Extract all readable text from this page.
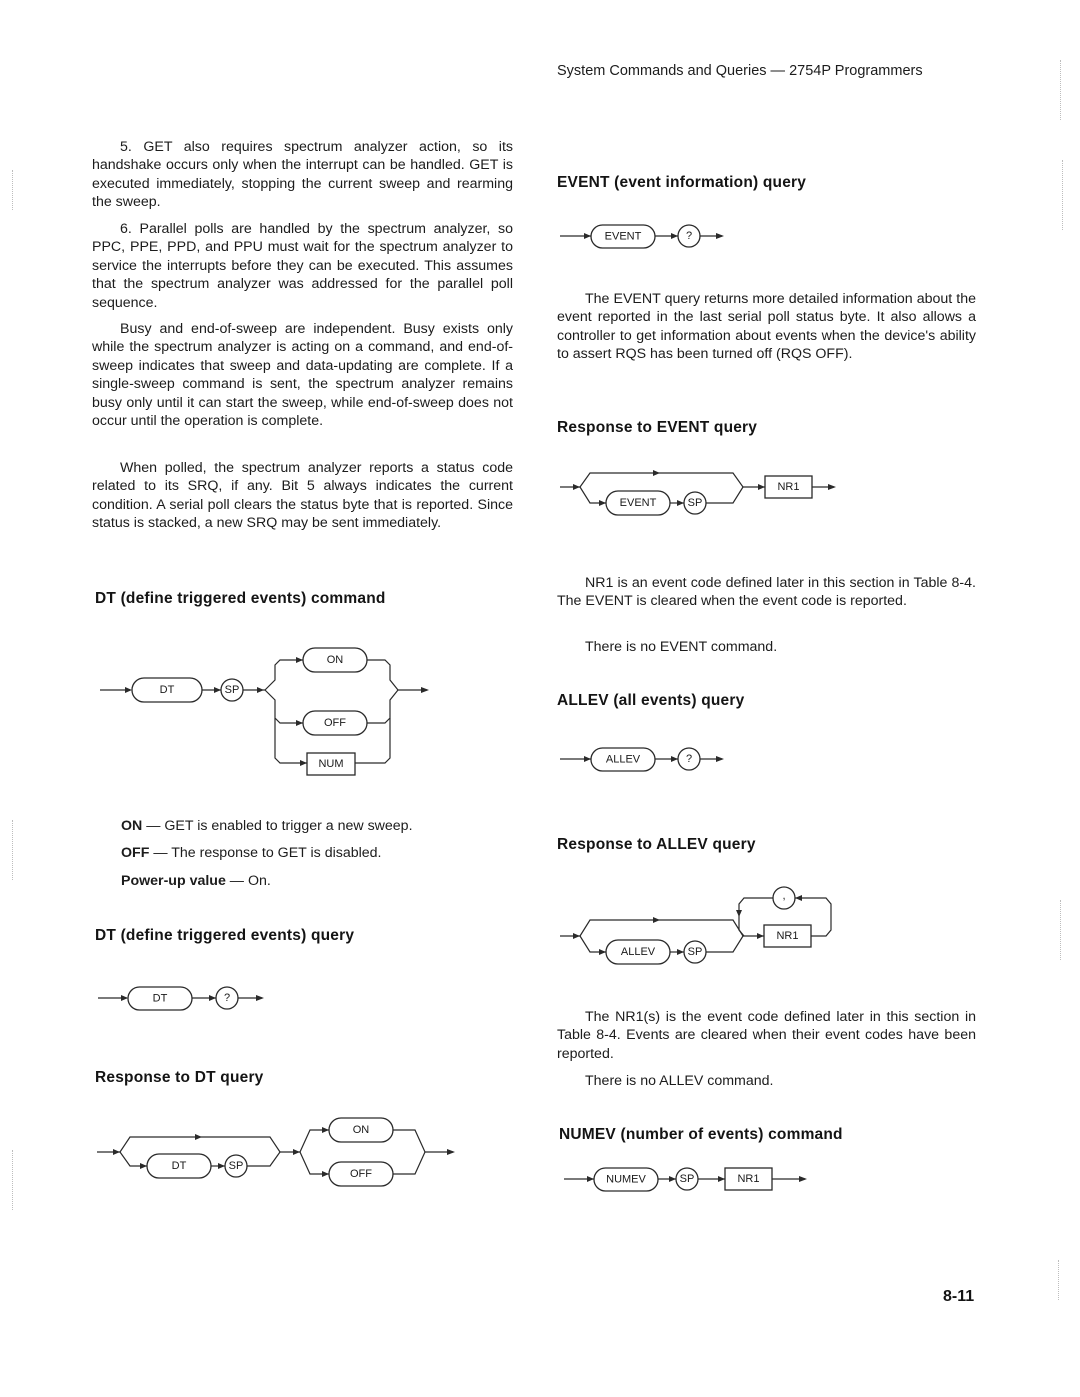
System Commands and Queries — 2754P Programmers
5. GET also requires spectrum analyzer action, so its handshake occurs only when the interrupt can be handled. GET is executed immediately, stopping the current sweep and rearming the sweep.
6. Parallel polls are handled by the spectrum analyzer, so PPC, PPE, PPD, and PPU must wait for the spectrum analyzer to service the interrupts before they can be executed. This assumes that the spectrum analyzer was addressed for the parallel poll sequence.
Busy and end-of-sweep are independent. Busy exists only while the spectrum analyzer is acting on a command, and end-of-sweep indicates that sweep and data-updating are complete. If a single-sweep command is sent, the spectrum analyzer remains busy only until it can start the sweep, while end-of-sweep does not occur until the operation is complete.
When polled, the spectrum analyzer reports a status code related to its SRQ, if any. Bit 5 always indicates the current condition. A serial poll clears the status byte that is reported. Since status is stacked, a new SRQ may be sent immediately.
DT (define triggered events) command
DT	SP
ON
OFF
NUM
ON — GET is enabled to trigger a new sweep.
OFF — The response to GET is disabled.
Power-up value — On.
DT (define triggered events) query
DT	?
Response to DT query
DT	SP
ON
OFF
EVENT (event information) query
EVENT	?
The EVENT query returns more detailed information about the event reported in the last serial poll status byte. It also allows a controller to get information about events when the device's ability to assert RQS has been turned off (RQS OFF).
Response to EVENT query
EVENT	SP
NR1
NR1 is an event code defined later in this section in Table 8-4. The EVENT is cleared when the event code is reported.
There is no EVENT command.
ALLEV (all events) query
ALLEV	?
Response to ALLEV query
ALLEV	SP
NR1
,
The NR1(s) is the event code defined later in this section in Table 8-4. Events are cleared when their event codes have been reported.
There is no ALLEV command.
NUMEV (number of events) command
NUMEV	SP	NR1
8-11
